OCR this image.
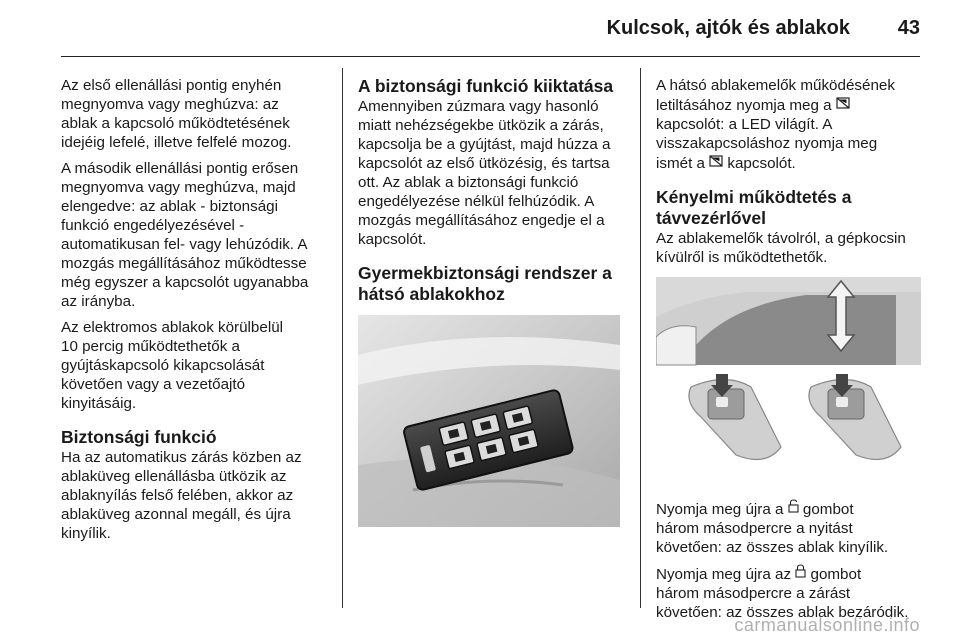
Kulcsok, ajtók és ablakok 43

Az első ellenállási pontig enyhén
megnyomva vagy meghúzva: az
ablak a kapcsoló működtetésének
idejéig lefelé, illetve felfelé mozog.

A második ellenállási pontig erősen
megnyomva vagy meghúzva, majd
elengedve: az ablak - biztonsági
funkció engedélyezésével -
automatikusan fel- vagy lehúzódik. A
mozgás megállításához működtesse
még egyszer a kapcsolót ugyanabba
az irányba.

Az elektromos ablakok körülbelül
10 percig működtethetők a
gyújtáskapcsoló kikapcsolását
követően vagy a vezetőajtó
kinyitásáig.

Biztonsági funkció

Ha az automatikus zárás közben az
ablaküveg ellenállásba ütközik az
ablaknyílás felső felében, akkor az
ablaküveg azonnal megáll, és újra
kinyílik.

A biztonsági funkció kiiktatása

Amennyiben zúzmara vagy hasonló
miatt nehézségekbe ütközik a zárás,
kapcsolja be a gyújtást, majd húzza a
kapcsolót az első ütközésig, és tartsa
ott. Az ablak a biztonsági funkció
engedélyezése nélkül felhúzódik. A
mozgás megállításához engedje el a
kapcsolót.

Gyermekbiztonsági rendszer a
hátsó ablakokhoz

A hátsó ablakemelők működésének
letiltásához nyomja meg a
kapcsolót: a LED világít. A
visszakapcsoláshoz nyomja meg
ismét a  kapcsolót.

Kényelmi működtetés a
távvezérlővel

Az ablakemelők távolról, a gépkocsin
kívülről is működtethetők.

Nyomja meg újra a  gombot
három másodpercre a nyitást
követően: az összes ablak kinyílik.

Nyomja meg újra az  gombot
három másodpercre a zárást
követően: az összes ablak bezáródik.

carmanualsonline.info
